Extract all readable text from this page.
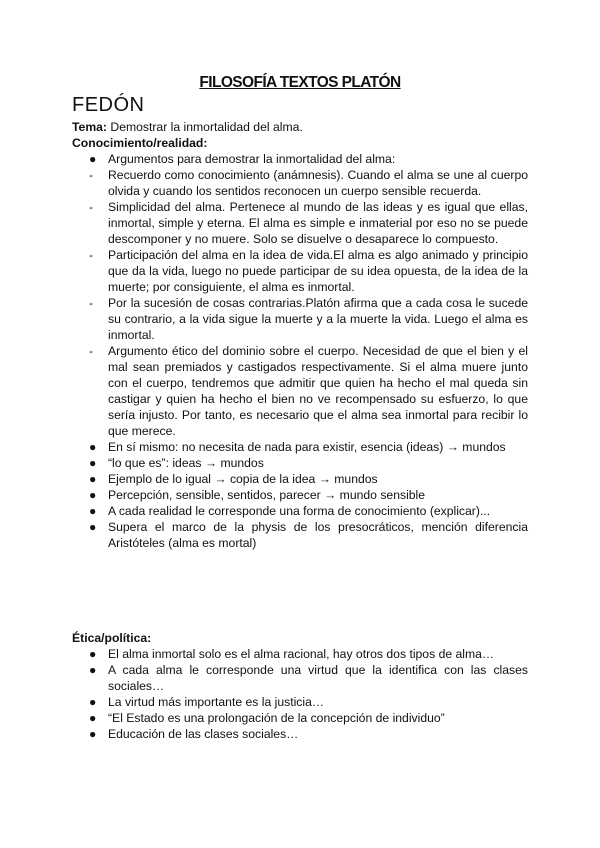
FILOSOFÍA TEXTOS PLATÓN
FEDÓN
Tema: Demostrar la inmortalidad del alma.
Conocimiento/realidad:
● Argumentos para demostrar la inmortalidad del alma:
-	Recuerdo como conocimiento (anámnesis). Cuando el alma se une al cuerpo olvida y cuando los sentidos reconocen un cuerpo sensible recuerda.
-	Simplicidad del alma. Pertenece al mundo de las ideas y es igual que ellas, inmortal, simple y eterna. El alma es simple e inmaterial por eso no se puede descomponer y no muere. Solo se disuelve o desaparece lo compuesto.
-	Participación del alma en la idea de vida.El alma es algo animado y principio que da la vida, luego no puede participar de su idea opuesta, de la idea de la muerte; por consiguiente, el alma es inmortal.
-	Por la sucesión de cosas contrarias.Platón afirma que a cada cosa le sucede su contrario, a la vida sigue la muerte y a la muerte la vida. Luego el alma es inmortal.
-	Argumento ético del dominio sobre el cuerpo. Necesidad de que el bien y el mal sean premiados y castigados respectivamente. Si el alma muere junto con el cuerpo, tendremos que admitir que quien ha hecho el mal queda sin castigar y quien ha hecho el bien no ve recompensado su esfuerzo, lo que sería injusto. Por tanto, es necesario que el alma sea inmortal para recibir lo que merece.
● En sí mismo: no necesita de nada para existir, esencia (ideas) → mundos
● “lo que es”: ideas → mundos
● Ejemplo de lo igual → copia de la idea → mundos
● Percepción, sensible, sentidos, parecer → mundo sensible
● A cada realidad le corresponde una forma de conocimiento (explicar)...
● Supera el marco de la physis de los presocráticos, mención diferencia Aristóteles (alma es mortal)
Ética/política:
● El alma inmortal solo es el alma racional, hay otros dos tipos de alma…
● A cada alma le corresponde una virtud que la identifica con las clases sociales…
● La virtud más importante es la justicia…
● “El Estado es una prolongación de la concepción de individuo”
● Educación de las clases sociales…
